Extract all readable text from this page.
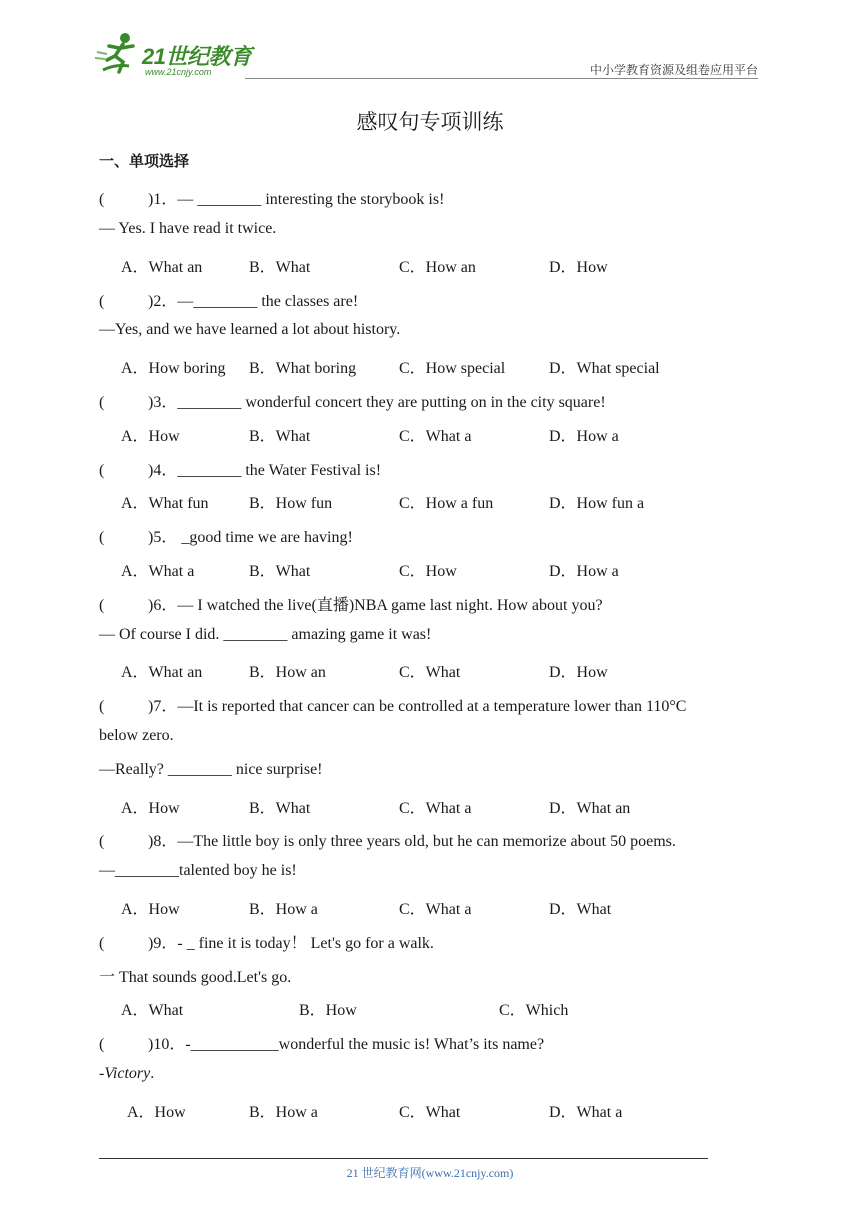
21世纪教育
www.21cnjy.com	中小学教育资源及组卷应用平台
感叹句专项训练
一、单项选择
(	)1．— ________ interesting the storybook is!
— Yes. I have read it twice.
A．What an	B．What	C．How an	D．How
(	)2．—________ the classes are!
—Yes, and we have learned a lot about history.
A．How boring B．What boring	C．How special	D．What special
(	)3．________ wonderful concert they are putting on in the city square!
A．How	B．What	C．What a	D．How a
(	)4．________ the Water Festival is!
A．What fun	B．How fun	C．How a fun	D．How fun a
(	)5． _good time we are having!
A．What a	B．What	C．How	D．How a
(	)6．— I watched the live(直播)NBA game last night. How about you?
— Of course I did. ________ amazing game it was!
A．What an	B．How an	C．What	D．How
(	)7．—It is reported that cancer can be controlled at a temperature lower than 110°C
below zero.
—Really? ________ nice surprise!
A．How	B．What	C．What a	D．What an
(	)8．—The little boy is only three years old, but he can memorize about 50 poems.
—________talented boy he is!
A．How	B．How a	C．What a	D．What
(	)9．- _ fine it is today！ Let's go for a walk.
一 That sounds good.Let's go.
A．What	B．How	C．Which
(	)10．-___________wonderful the music is! What’s its name?
-Victory.
A．How	B．How a	C．What	D．What a
21 世纪教育网(www.21cnjy.com)
